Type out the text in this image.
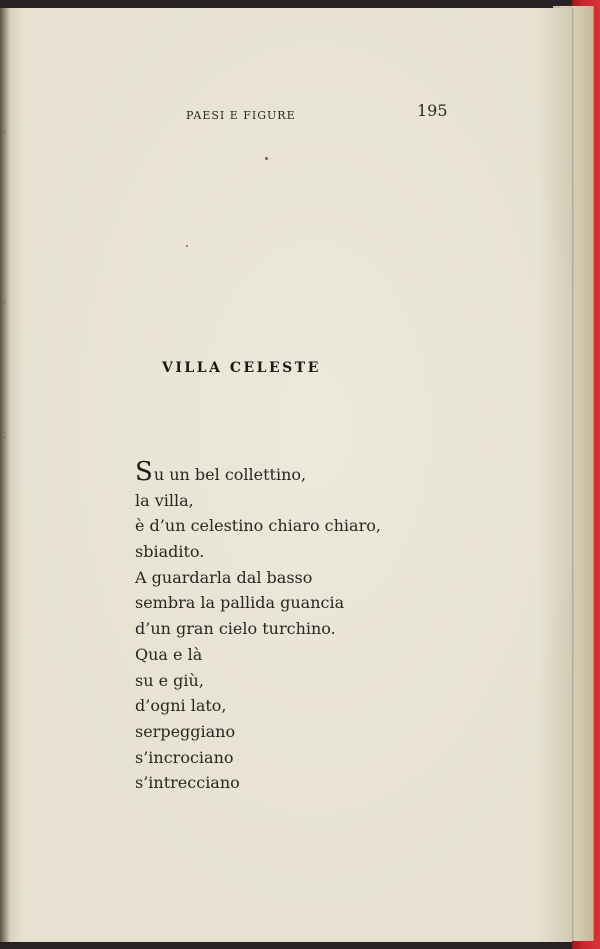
·
·
·
PAESI E FIGURE	195
VILLA CELESTE
Su un bel collettino,
la villa,
è d’un celestino chiaro chiaro,
sbiadito.
A guardarla dal basso
sembra la pallida guancia
d’un gran cielo turchino.
Qua e là
su e giù,
d’ogni lato,
serpeggiano
s’incrociano
s’intrecciano
